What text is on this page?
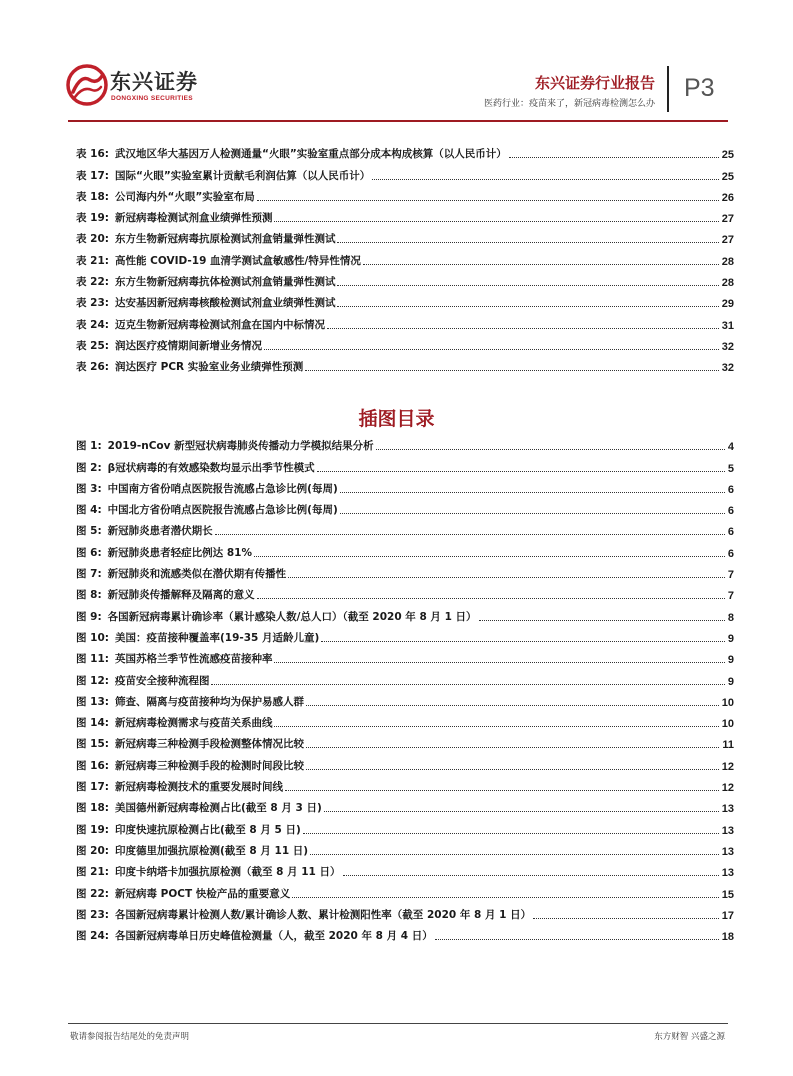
东兴证券
DONGXING SECURITIES
东兴证券行业报告
医药行业：疫苗来了，新冠病毒检测怎么办
P3
表 16: 武汉地区华大基因万人检测通量“火眼”实验室重点部分成本构成核算（以人民币计）	25
表 17: 国际“火眼”实验室累计贡献毛利润估算（以人民币计）	25
表 18: 公司海内外“火眼”实验室布局	26
表 19: 新冠病毒检测试剂盒业绩弹性预测	27
表 20: 东方生物新冠病毒抗原检测试剂盒销量弹性测试	27
表 21: 高性能 COVID-19 血清学测试盒敏感性/特异性情况	28
表 22: 东方生物新冠病毒抗体检测试剂盒销量弹性测试	28
表 23: 达安基因新冠病毒核酸检测试剂盒业绩弹性测试	29
表 24: 迈克生物新冠病毒检测试剂盒在国内中标情况	31
表 25: 润达医疗疫情期间新增业务情况	32
表 26: 润达医疗 PCR 实验室业务业绩弹性预测	32
插图目录
图 1: 2019-nCov 新型冠状病毒肺炎传播动力学模拟结果分析	4
图 2: β冠状病毒的有效感染数均显示出季节性模式	5
图 3: 中国南方省份哨点医院报告流感占急诊比例(每周)	6
图 4: 中国北方省份哨点医院报告流感占急诊比例(每周)	6
图 5: 新冠肺炎患者潜伏期长	6
图 6: 新冠肺炎患者轻症比例达 81%	6
图 7: 新冠肺炎和流感类似在潜伏期有传播性	7
图 8: 新冠肺炎传播解释及隔离的意义	7
图 9: 各国新冠病毒累计确诊率（累计感染人数/总人口）（截至 2020 年 8 月 1 日）	8
图 10: 美国：疫苗接种覆盖率(19-35 月适龄儿童)	9
图 11: 英国苏格兰季节性流感疫苗接种率	9
图 12: 疫苗安全接种流程图	9
图 13: 筛查、隔离与疫苗接种均为保护易感人群	10
图 14: 新冠病毒检测需求与疫苗关系曲线	10
图 15: 新冠病毒三种检测手段检测整体情况比较	11
图 16: 新冠病毒三种检测手段的检测时间段比较	12
图 17: 新冠病毒检测技术的重要发展时间线	12
图 18: 美国德州新冠病毒检测占比(截至 8 月 3 日)	13
图 19: 印度快速抗原检测占比(截至 8 月 5 日)	13
图 20: 印度德里加强抗原检测(截至 8 月 11 日)	13
图 21: 印度卡纳塔卡加强抗原检测（截至 8 月 11 日）	13
图 22: 新冠病毒 POCT 快检产品的重要意义	15
图 23: 各国新冠病毒累计检测人数/累计确诊人数、累计检测阳性率（截至 2020 年 8 月 1 日）	17
图 24: 各国新冠病毒单日历史峰值检测量（人，截至 2020 年 8 月 4 日）	18
敬请参阅报告结尾处的免责声明	东方财智 兴盛之源
